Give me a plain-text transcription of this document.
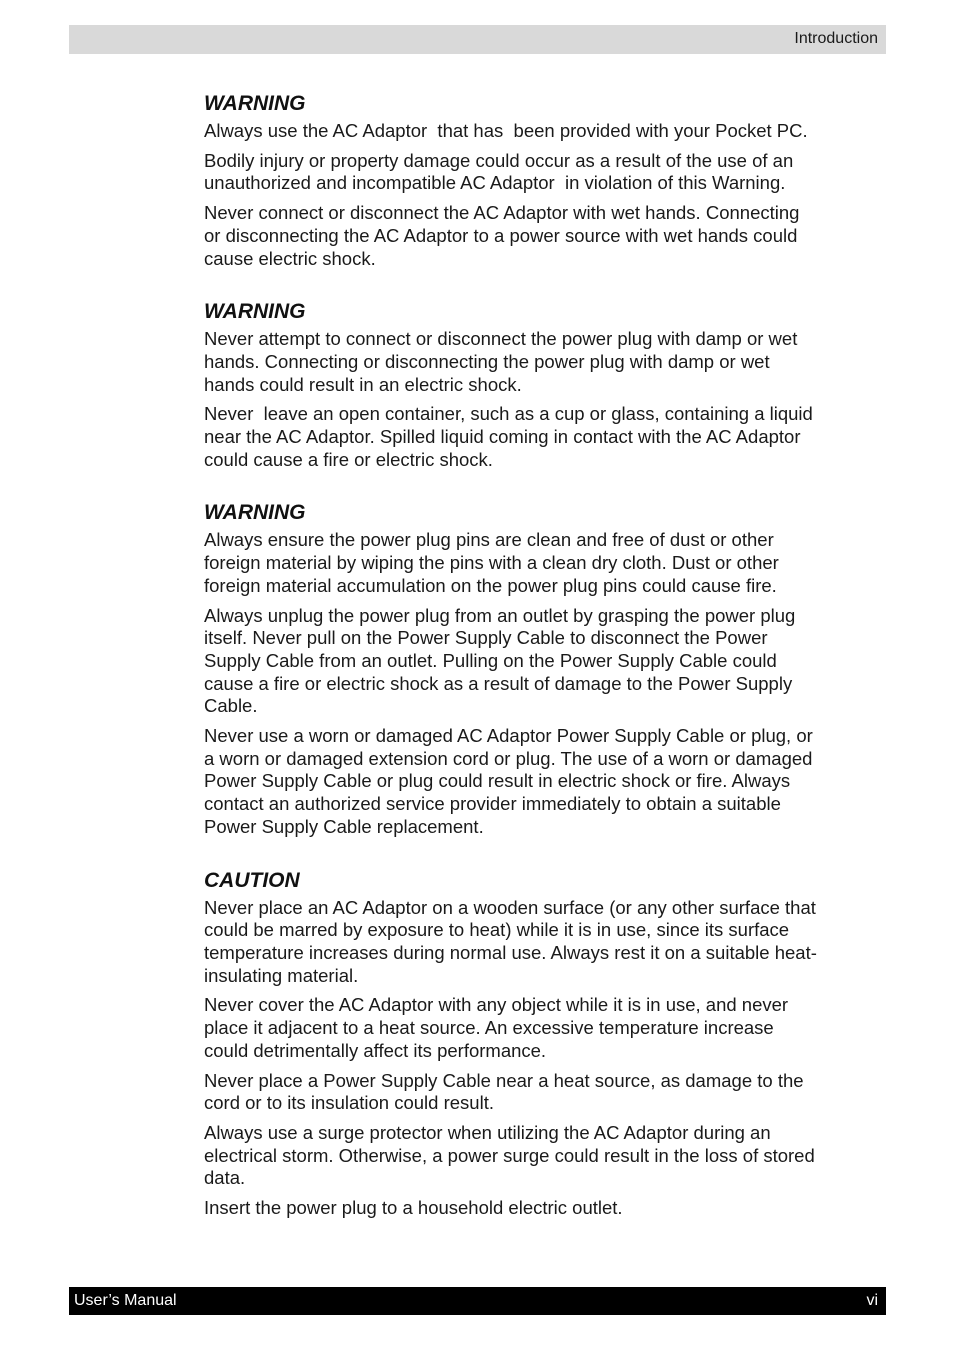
Introduction
WARNING
Always use the AC Adaptor  that has  been provided with your Pocket PC.
Bodily injury or property damage could occur as a result of the use of an
unauthorized and incompatible AC Adaptor  in violation of this Warning.
Never connect or disconnect the AC Adaptor with wet hands. Connecting
or disconnecting the AC Adaptor to a power source with wet hands could
cause electric shock.
WARNING
Never attempt to connect or disconnect the power plug with damp or wet
hands. Connecting or disconnecting the power plug with damp or wet
hands could result in an electric shock.
Never  leave an open container, such as a cup or glass, containing a liquid
near the AC Adaptor. Spilled liquid coming in contact with the AC Adaptor
could cause a fire or electric shock.
WARNING
Always ensure the power plug pins are clean and free of dust or other
foreign material by wiping the pins with a clean dry cloth. Dust or other
foreign material accumulation on the power plug pins could cause fire.
Always unplug the power plug from an outlet by grasping the power plug
itself. Never pull on the Power Supply Cable to disconnect the Power
Supply Cable from an outlet. Pulling on the Power Supply Cable could
cause a fire or electric shock as a result of damage to the Power Supply
Cable.
Never use a worn or damaged AC Adaptor Power Supply Cable or plug, or
a worn or damaged extension cord or plug. The use of a worn or damaged
Power Supply Cable or plug could result in electric shock or fire. Always
contact an authorized service provider immediately to obtain a suitable
Power Supply Cable replacement.
CAUTION
Never place an AC Adaptor on a wooden surface (or any other surface that
could be marred by exposure to heat) while it is in use, since its surface
temperature increases during normal use. Always rest it on a suitable heat-
insulating material.
Never cover the AC Adaptor with any object while it is in use, and never
place it adjacent to a heat source. An excessive temperature increase
could detrimentally affect its performance.
Never place a Power Supply Cable near a heat source, as damage to the
cord or to its insulation could result.
Always use a surge protector when utilizing the AC Adaptor during an
electrical storm. Otherwise, a power surge could result in the loss of stored
data.
Insert the power plug to a household electric outlet.
User’s Manual	vi
